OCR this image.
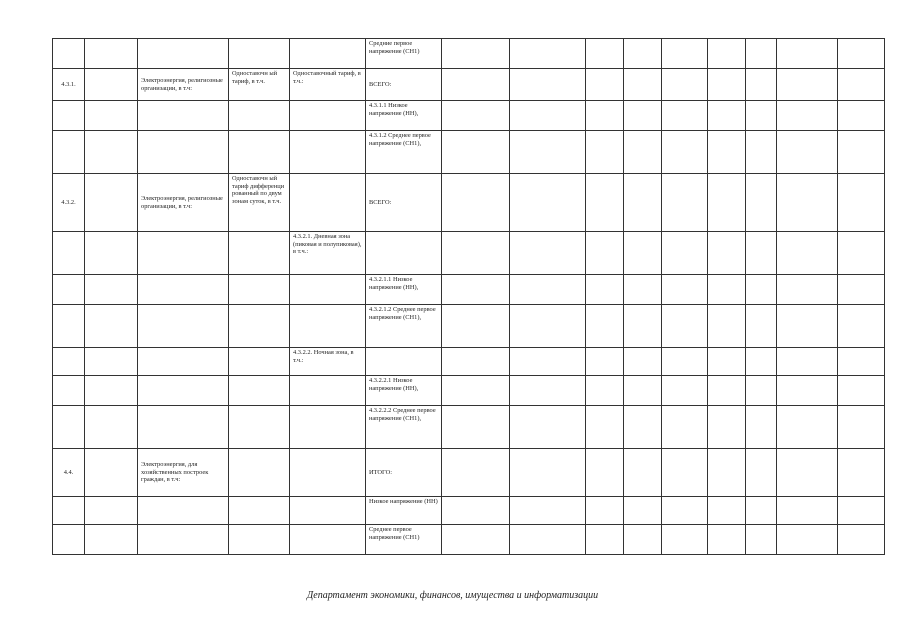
					Средние первое напряжение (СН1)									
4.3.1.		Электроэнергия, религиозные организации, в т.ч:	Одноставочн ый тариф, в т.ч.	Одноставочный тариф, в т.ч.:	ВСЕГО:									
					4.3.1.1 Низкое напряжение (НН),									
					4.3.1.2 Среднее первое напряжение (СН1),									
4.3.2.		Электроэнергия, религиозные организации, в т.ч:	Одноставочн ый тариф дифференци рованный по двум зонам суток, в т.ч.		ВСЕГО:									
				4.3.2.1. Дневная зона (пиковая и полупиковая), в т.ч.:										
					4.3.2.1.1 Низкое напряжение (НН),									
					4.3.2.1.2 Среднее первое напряжение (СН1),									
				4.3.2.2. Ночная зона, в т.ч.:										
					4.3.2.2.1 Низкое напряжение (НН),									
					4.3.2.2.2 Среднее первое напряжение (СН1),									
4.4.		Электроэнергия, для хозяйственных построек граждан, в т.ч:			ИТОГО:									
					Низкое напряжение (НН)									
					Среднее первое напряжение (СН1)									
Департамент экономики, финансов, имущества и информатизации
